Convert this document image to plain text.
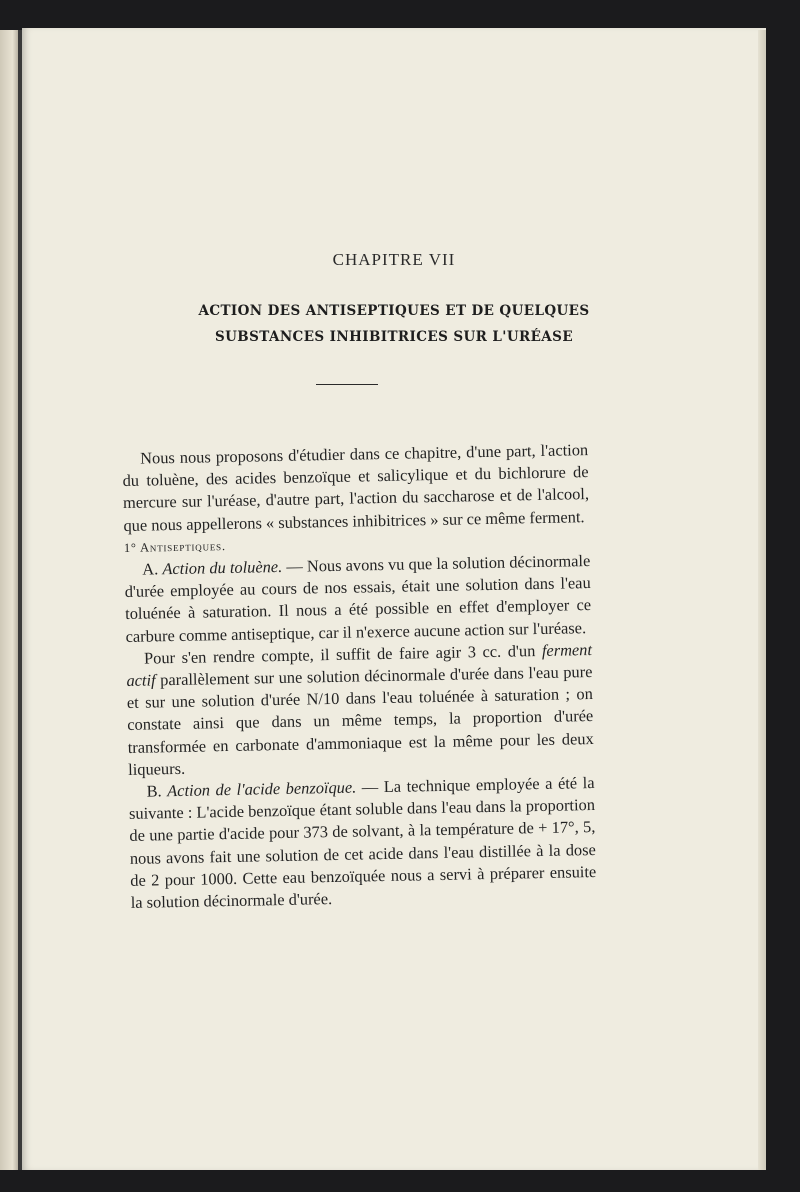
CHAPITRE VII
ACTION DES ANTISEPTIQUES ET DE QUELQUES
SUBSTANCES INHIBITRICES SUR L'URÉASE

Nous nous proposons d'étudier dans ce chapitre, d'une part, l'action du toluène, des acides benzoïque et salicylique et du bichlorure de mercure sur l'uréase, d'autre part, l'action du saccharose et de l'alcool, que nous appellerons « substances inhibitrices » sur ce même ferment.

1° Antiseptiques.

A. Action du toluène. — Nous avons vu que la solution décinormale d'urée employée au cours de nos essais, était une solution dans l'eau toluénée à saturation. Il nous a été possible en effet d'employer ce carbure comme antiseptique, car il n'exerce aucune action sur l'uréase.

Pour s'en rendre compte, il suffit de faire agir 3 cc. d'un ferment actif parallèlement sur une solution décinormale d'urée dans l'eau pure et sur une solution d'urée N/10 dans l'eau toluénée à saturation ; on constate ainsi que dans un même temps, la proportion d'urée transformée en carbonate d'ammoniaque est la même pour les deux liqueurs.

B. Action de l'acide benzoïque. — La technique employée a été la suivante : L'acide benzoïque étant soluble dans l'eau dans la proportion de une partie d'acide pour 373 de solvant, à la température de + 17°, 5, nous avons fait une solution de cet acide dans l'eau distillée à la dose de 2 pour 1000. Cette eau benzoïquée nous a servi à préparer ensuite la solution décinormale d'urée.
